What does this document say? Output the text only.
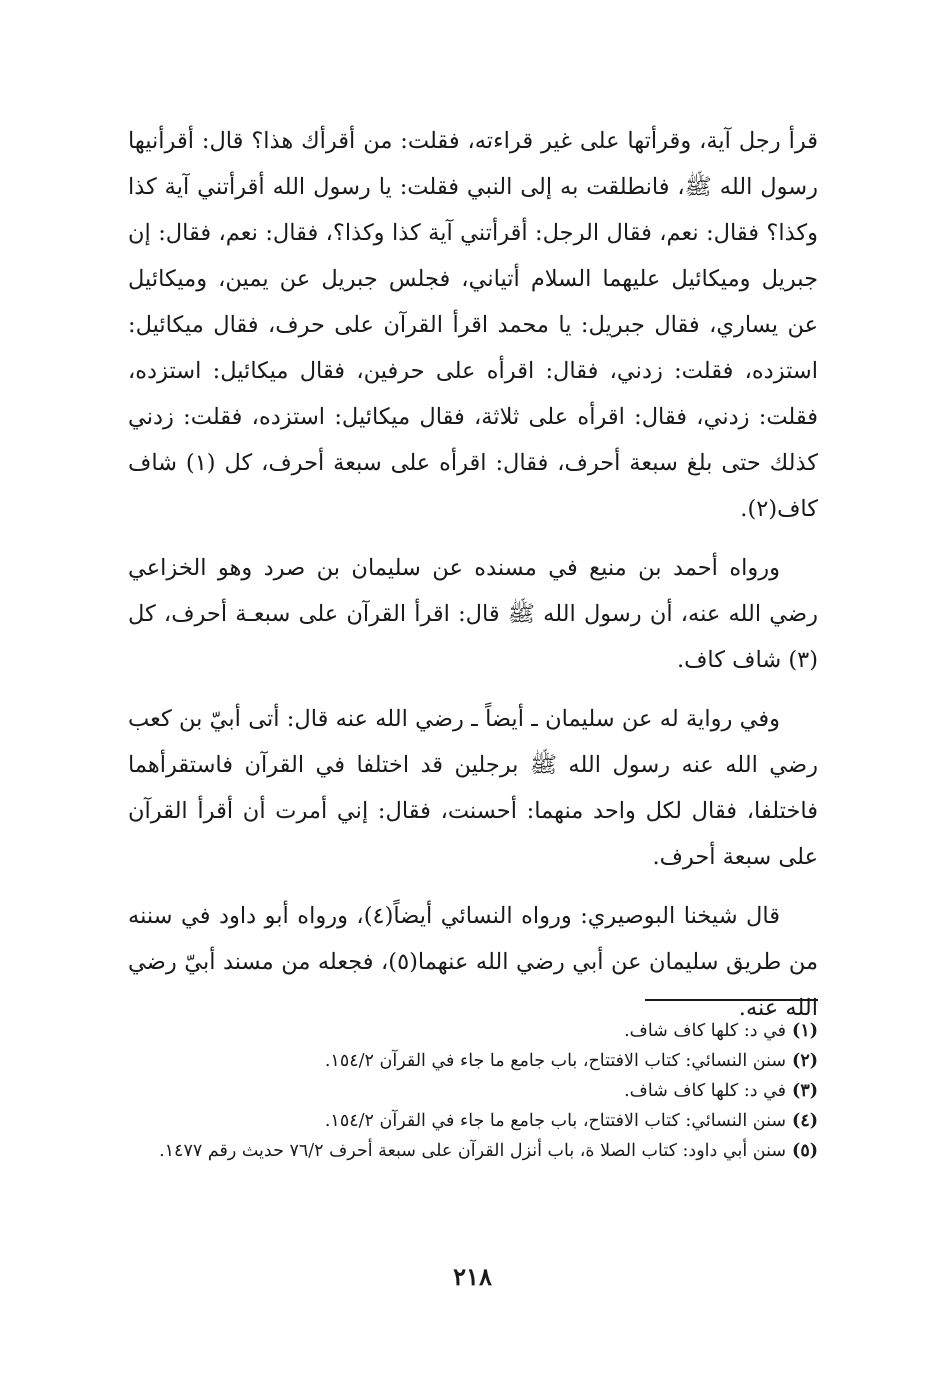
قرأ رجل آية، وقرأتها على غير قراءته، فقلت: من أقرأك هذا؟ قال: أقرأنيها رسول الله ﷺ، فانطلقت به إلى النبي فقلت: يا رسول الله أقرأتني آية كذا وكذا؟ فقال: نعم، فقال الرجل: أقرأتني آية كذا وكذا؟، فقال: نعم، فقال: إن جبريل وميكائيل عليهما السلام أتياني، فجلس جبريل عن يمين، وميكائيل عن يساري، فقال جبريل: يا محمد اقرأ القرآن على حرف، فقال ميكائيل: استزده، فقلت: زدني، فقال: اقرأه على حرفين، فقال ميكائيل: استزده، فقلت: زدني، فقال: اقرأه على ثلاثة، فقال ميكائيل: استزده، فقلت: زدني كذلك حتى بلغ سبعة أحرف، فقال: اقرأه على سبعة أحرف، كل (١) شاف كاف(٢).

ورواه أحمد بن منيع في مسنده عن سليمان بن صرد وهو الخزاعي رضي الله عنه، أن رسول الله ﷺ قال: اقرأ القرآن على سبعـة أحرف، كل (٣) شاف كاف.

وفي رواية له عن سليمان ـ أيضاً ـ رضي الله عنه قال: أتى أبيّ بن كعب رضي الله عنه رسول الله ﷺ برجلين قد اختلفا في القرآن فاستقرأهما فاختلفا، فقال لكل واحد منهما: أحسنت، فقال: إني أمرت أن أقرأ القرآن على سبعة أحرف.

قال شيخنا البوصيري: ورواه النسائي أيضاً(٤)، ورواه أبو داود في سننه من طريق سليمان عن أبي رضي الله عنهما(٥)، فجعله من مسند أبيّ رضي الله عنه.

(١)
في د: كلها كاف شاف.
(٢)
سنن النسائي: كتاب الافتتاح، باب جامع ما جاء في القرآن ١٥٤/٢.
(٣)
في د: كلها كاف شاف.
(٤)
سنن النسائي: كتاب الافتتاح، باب جامع ما جاء في القرآن ١٥٤/٢.
(٥)
سنن أبي داود: كتاب الصلا ة، باب أنزل القرآن على سبعة أحرف ٧٦/٢ حديث رقم ١٤٧٧.
٢١٨
